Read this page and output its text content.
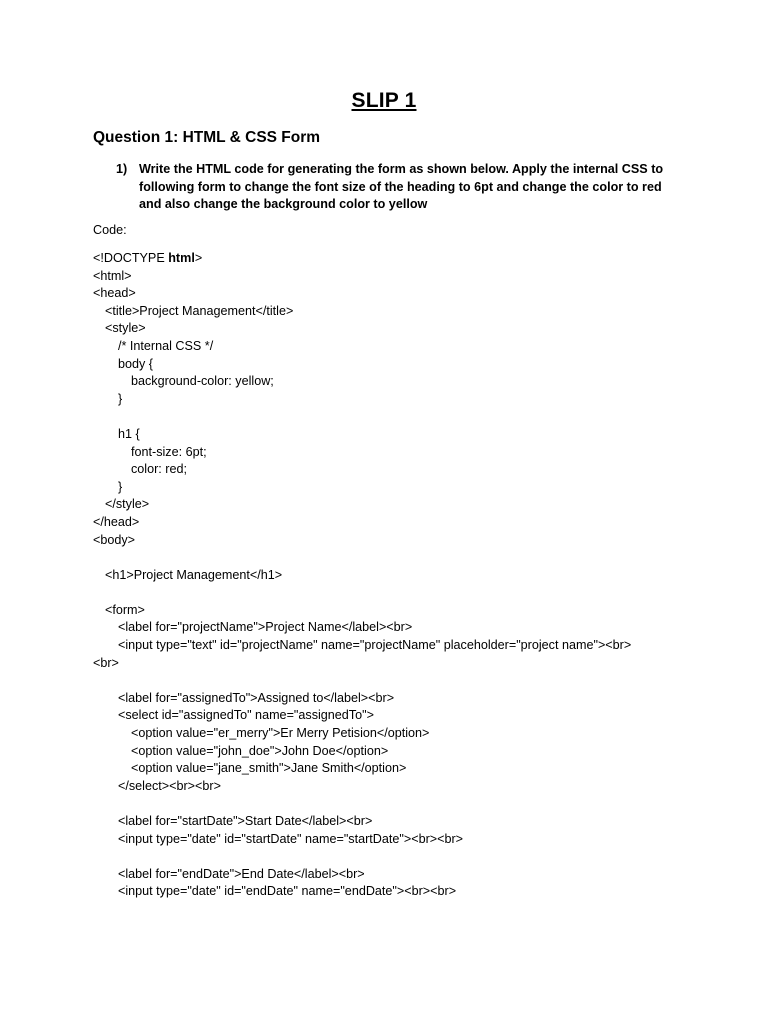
SLIP 1
Question 1: HTML & CSS Form
1) Write the HTML code for generating the form as shown below. Apply the internal CSS to following form to change the font size of the heading to 6pt and change the color to red and also change the background color to yellow
Code:
<!DOCTYPE html>
<html>
<head>
<title>Project Management</title>
<style>
/* Internal CSS */
body {
background-color: yellow;
}
h1 {
font-size: 6pt;
color: red;
}
</style>
</head>
<body>
<h1>Project Management</h1>
<form>
<label for="projectName">Project Name</label><br>
<input type="text" id="projectName" name="projectName" placeholder="project name"><br><br>
<label for="assignedTo">Assigned to</label><br>
<select id="assignedTo" name="assignedTo">
<option value="er_merry">Er Merry Petision</option>
<option value="john_doe">John Doe</option>
<option value="jane_smith">Jane Smith</option>
</select><br><br>
<label for="startDate">Start Date</label><br>
<input type="date" id="startDate" name="startDate"><br><br>
<label for="endDate">End Date</label><br>
<input type="date" id="endDate" name="endDate"><br><br>
